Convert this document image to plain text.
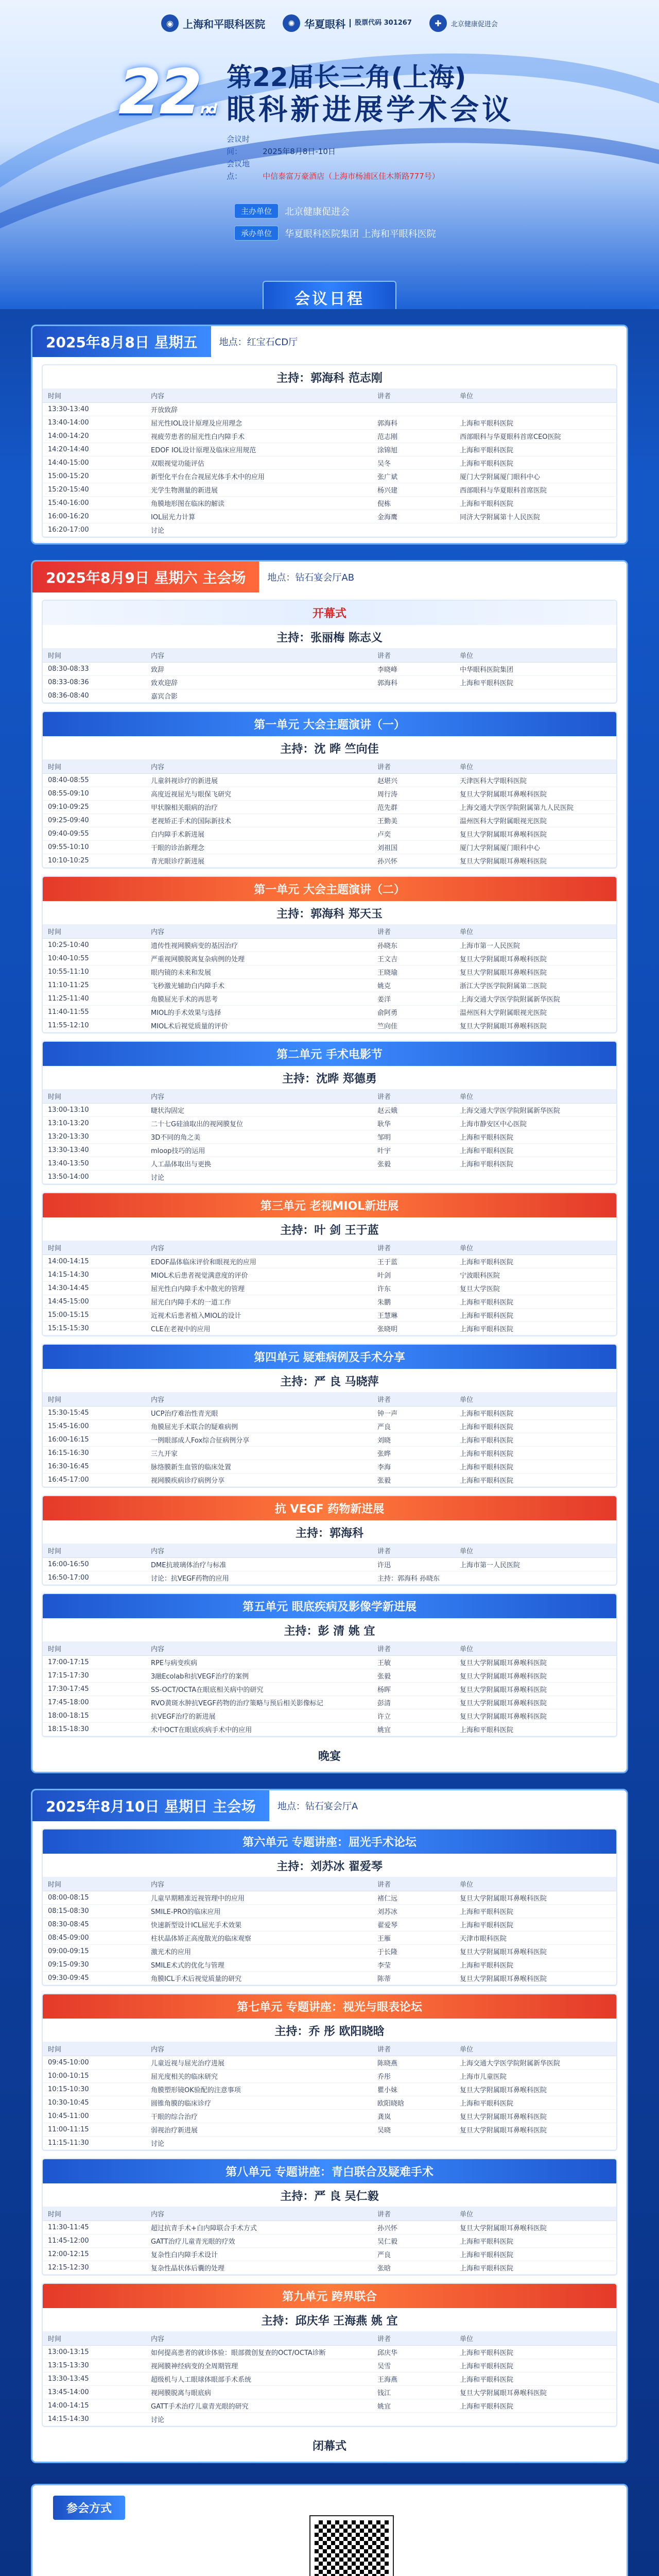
◉ 上海和平眼科医院	✺ 华夏眼科	股票代码 301267	✚	北京健康促进会
22nd
第22届长三角(上海)
眼科新进展学术会议
会议时间：	2025年8月8日-10日
会议地点：	中信泰富万豪酒店（上海市杨浦区佳木斯路777号）
主办单位	北京健康促进会
承办单位	华夏眼科医院集团 上海和平眼科医院
会议日程
2025年8月8日 星期五	地点：红宝石CD厅
主持：郭海科 范志刚
时间	内容	讲者	单位
13:30-13:40	开放致辞		
13:40-14:00	屈光性IOL设计原理及应用理念	郭海科	上海和平眼科医院
14:00-14:20	视疲劳患者的屈光性白内障手术	范志刚	西部眼科与华夏眼科首席CEO医院
14:20-14:40	EDOF IOL设计原理及临床应用规范	涂锦旭	上海和平眼科医院
14:40-15:00	双眼视觉功能评估	吴冬	上海和平眼科医院
15:00-15:20	新型化平台在合视屈光体手术中的应用	张广斌	厦门大学附属厦门眼科中心
15:20-15:40	光学生物测量的新进展	杨兴建	西部眼科与华夏眼科首席医院
15:40-16:00	角膜地形图在临床的解读	倪栋	上海和平眼科医院
16:00-16:20	IOL屈光力计算	金海鹰	同济大学附属第十人民医院
16:20-17:00	讨论		
2025年8月9日 星期六 主会场	地点：钻石宴会厅AB
开幕式
主持：张丽梅 陈志义
时间	内容	讲者	单位
08:30-08:33	致辞	李晓峰	中华眼科医院集团
08:33-08:36	致欢迎辞	郭海科	上海和平眼科医院
08:36-08:40	嘉宾合影		
第一单元 大会主题演讲（一）
主持：沈 晔 竺向佳
时间	内容	讲者	单位
08:40-08:55	儿童斜视诊疗的新进展	赵堪兴	天津医科大学眼科医院
08:55-09:10	高度近视屈光与眼保飞研究	周行涛	复旦大学附属眼耳鼻喉科医院
09:10-09:25	甲状腺相关眼病的治疗	范先群	上海交通大学医学院附属第九人民医院
09:25-09:40	老视矫正手术的国际新技术	王勤美	温州医科大学附属眼视光医院
09:40-09:55	白内障手术新进展	卢奕	复旦大学附属眼耳鼻喉科医院
09:55-10:10	干眼的诊治新理念	刘祖国	厦门大学附属厦门眼科中心
10:10-10:25	青光眼诊疗新进展	孙兴怀	复旦大学附属眼耳鼻喉科医院
第一单元 大会主题演讲（二）
主持：郭海科 郑天玉
时间	内容	讲者	单位
10:25-10:40	遗传性视网膜病变的基因治疗	孙晓东	上海市第一人民医院
10:40-10:55	严重视网膜脱离复杂病例的处理	王文吉	复旦大学附属眼耳鼻喉科医院
10:55-11:10	眼内镜的未来和发展	王晓瑜	复旦大学附属眼耳鼻喉科医院
11:10-11:25	飞秒激光辅助白内障手术	姚克	浙江大学医学院附属第二医院
11:25-11:40	角膜屈光手术的再思考	姜洋	上海交通大学医学院附属新华医院
11:40-11:55	MIOL的手术效果与选择	俞阿勇	温州医科大学附属眼视光医院
11:55-12:10	MIOL术后视觉质量的评价	竺向佳	复旦大学附属眼耳鼻喉科医院
第二单元 手术电影节
主持：沈晔 郑德勇
时间	内容	讲者	单位
13:00-13:10	睫状沟固定	赵云娥	上海交通大学医学院附属新华医院
13:10-13:20	二十七G硅油取出的视网膜复位	耿华	上海市静安区中心医院
13:20-13:30	3D不同的角之美	邹明	上海和平眼科医院
13:30-13:40	mloop技巧的运用	叶宇	上海和平眼科医院
13:40-13:50	人工晶体取出与更换	张毅	上海和平眼科医院
13:50-14:00	讨论		
第三单元 老视MIOL新进展
主持：叶 剑 王于蓝
时间	内容	讲者	单位
14:00-14:15	EDOF晶体临床评价和眼视光的应用	王于蓝	上海和平眼科医院
14:15-14:30	MIOL术后患者视觉满意度的评价	叶剑	宁波眼科医院
14:30-14:45	屈光性白内障手术中散光的管理	许东	复旦大学医院
14:45-15:00	屈光白内障手术的一道工作	朱鹏	上海和平眼科医院
15:00-15:15	近视术后患者植入MIOL的设计	王慧琳	上海和平眼科医院
15:15-15:30	CLE在老视中的应用	张晓明	上海和平眼科医院
第四单元 疑难病例及手术分享
主持：严 良 马晓萍
时间	内容	讲者	单位
15:30-15:45	UCP治疗难治性青光眼	钟一声	上海和平眼科医院
15:45-16:00	角膜屈光手术联合的疑难病例	严良	上海和平眼科医院
16:00-16:15	一例眼部成人Fox综合征病例分享	刘晓	上海和平眼科医院
16:15-16:30	三九开家	张晔	上海和平眼科医院
16:30-16:45	脉络膜新生血管的临床处置	李海	上海和平眼科医院
16:45-17:00	视网膜疾病诊疗病例分享	张毅	上海和平眼科医院
抗 VEGF 药物新进展
主持：郭海科
时间	内容	讲者	单位
16:00-16:50	DME抗玻璃体治疗与标准	许迅	上海市第一人民医院
16:50-17:00	讨论：抗VEGF药物的应用	主持：郭海科 孙晓东	
第五单元 眼底疾病及影像学新进展
主持：彭 清 姚 宜
时间	内容	讲者	单位
17:00-17:15	RPE与病变疾病	王敏	复旦大学附属眼耳鼻喉科医院
17:15-17:30	3融Ecolab和抗VEGF治疗的案例	张毅	复旦大学附属眼耳鼻喉科医院
17:30-17:45	SS-OCT/OCTA在眼底相关病中的研究	杨晖	复旦大学附属眼耳鼻喉科医院
17:45-18:00	RVO黄斑水肿抗VEGF药物的治疗策略与预后相关影像标记	彭清	复旦大学附属眼耳鼻喉科医院
18:00-18:15	抗VEGF治疗的新进展	许立	复旦大学附属眼耳鼻喉科医院
18:15-18:30	术中OCT在眼底疾病手术中的应用	姚宜	上海和平眼科医院
晚宴
2025年8月10日 星期日 主会场	地点：钻石宴会厅A
第六单元 专题讲座：屈光手术论坛
主持：刘苏冰 翟爱琴
时间	内容	讲者	单位
08:00-08:15	儿童早期精准近视管理中的应用	褚仁远	复旦大学附属眼耳鼻喉科医院
08:15-08:30	SMILE-PRO的临床应用	刘苏冰	上海和平眼科医院
08:30-08:45	快速新型设计ICL屈光手术效果	翟爱琴	上海和平眼科医院
08:45-09:00	柱状晶体矫正高度散光的临床观察	王雁	天津市眼科医院
09:00-09:15	激光术的应用	于长隆	复旦大学附属眼耳鼻喉科医院
09:15-09:30	SMILE术式的优化与管理	李莹	上海和平眼科医院
09:30-09:45	角膜ICL手术后视觉质量的研究	陈蒂	复旦大学附属眼耳鼻喉科医院
第七单元 专题讲座：视光与眼表论坛
主持：乔 彤 欧阳晓晗
时间	内容	讲者	单位
09:45-10:00	儿童近视与屈光治疗进展	陈晓燕	上海交通大学医学院附属新华医院
10:00-10:15	屈光度相关的临床研究	乔彤	上海市儿童医院
10:15-10:30	角膜塑形镜OK验配的注意事项	瞿小妹	复旦大学附属眼耳鼻喉科医院
10:30-10:45	圆锥角膜的临床诊疗	欧阳晓晗	上海和平眼科医院
10:45-11:00	干眼的综合治疗	龚岚	复旦大学附属眼耳鼻喉科医院
11:00-11:15	弱视治疗新进展	吴晓	复旦大学附属眼耳鼻喉科医院
11:15-11:30	讨论		
第八单元 专题讲座：青白联合及疑难手术
主持：严 良 吴仁毅
时间	内容	讲者	单位
11:30-11:45	超过抗青手术+白内障联合手术方式	孙兴怀	复旦大学附属眼耳鼻喉科医院
11:45-12:00	GATT治疗儿童青光眼的疗效	吴仁毅	上海和平眼科医院
12:00-12:15	复杂性白内障手术设计	严良	上海和平眼科医院
12:15-12:30	复杂性晶状体后囊的处理	张晗	上海和平眼科医院
第九单元 跨界联合
主持：邱庆华 王海燕 姚 宜
时间	内容	讲者	单位
13:00-13:15	如何提高患者的就诊体验：眼部微创复查的OCT/OCTA诊断	邱庆华	上海和平眼科医院
13:15-13:30	视网膜神经病变的全周期管理	吴雪	上海和平眼科医院
13:30-13:45	超级机与人工眼球体眼部手术系统	王海燕	上海和平眼科医院
13:45-14:00	视网膜脱离与眼底病	钱江	复旦大学附属眼耳鼻喉科医院
14:00-14:15	GATT手术治疗儿童青光眼的研究	姚宜	上海和平眼科医院
14:15-14:30	讨论		
闭幕式
参会方式
